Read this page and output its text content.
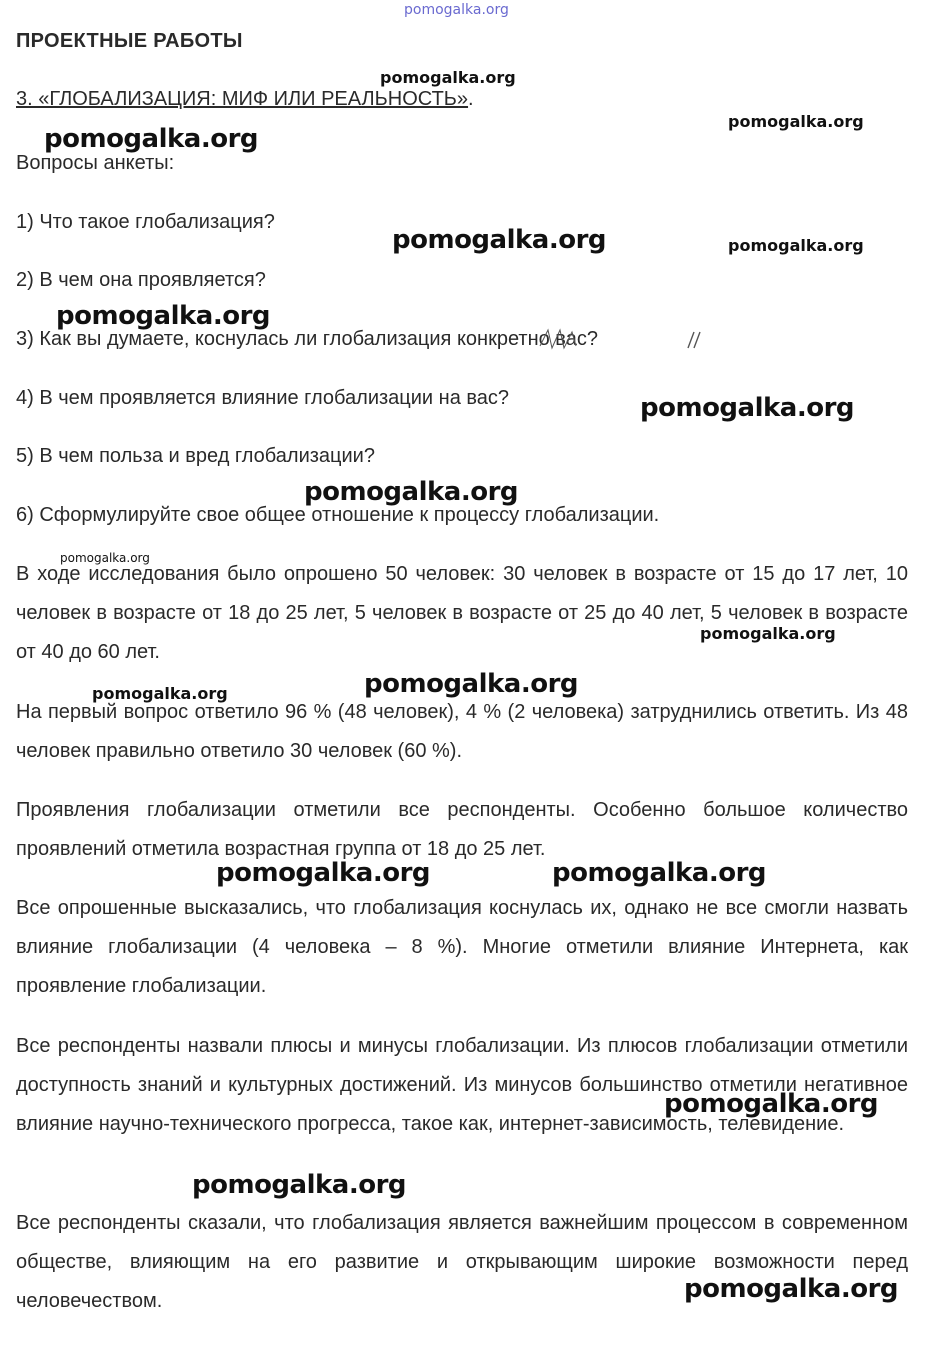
pomogalka.org
ПРОЕКТНЫЕ РАБОТЫ
3. «ГЛОБАЛИЗАЦИЯ: МИФ ИЛИ РЕАЛЬНОСТЬ».
Вопросы анкеты:
1) Что такое глобализация?
2) В чем она проявляется?
3) Как вы думаете, коснулась ли глобализация конкретно вас?
4) В чем проявляется влияние глобализации на вас?
5) В чем польза и вред глобализации?
6) Сформулируйте свое общее отношение к процессу глобализации.
В ходе исследования было опрошено 50 человек: 30 человек в возрасте от 15 до 17 лет, 10 человек в возрасте от 18 до 25 лет, 5 человек в возрасте от 25 до 40 лет, 5 человек в возрасте от 40 до 60 лет.
На первый вопрос ответило 96 % (48 человек), 4 % (2 человека) затруднились ответить. Из 48 человек правильно ответило 30 человек (60 %).
Проявления глобализации отметили все респонденты. Особенно большое количество проявлений отметила возрастная группа от 18 до 25 лет.
Все опрошенные высказались, что глобализация коснулась их, однако не все смогли назвать влияние глобализации (4 человека – 8 %). Многие отметили влияние Интернета, как проявление глобализации.
Все респонденты назвали плюсы и минусы глобализации. Из плюсов глобализации отметили доступность знаний и культурных достижений. Из минусов большинство отметили негативное влияние научно-технического прогресса, такое как, интернет-зависимость, телевидение.
Все респонденты сказали, что глобализация является важнейшим процессом в современном обществе, влияющим на его развитие и открывающим широкие возможности перед человечеством.
pomogalka.org
pomogalka.org
pomogalka.org
pomogalka.org	pomogalka.org
pomogalka.org
pomogalka.org
pomogalka.org
pomogalka.org
pomogalka.org
pomogalka.org	pomogalka.org
pomogalka.org	pomogalka.org
pomogalka.org
pomogalka.org
pomogalka.org
